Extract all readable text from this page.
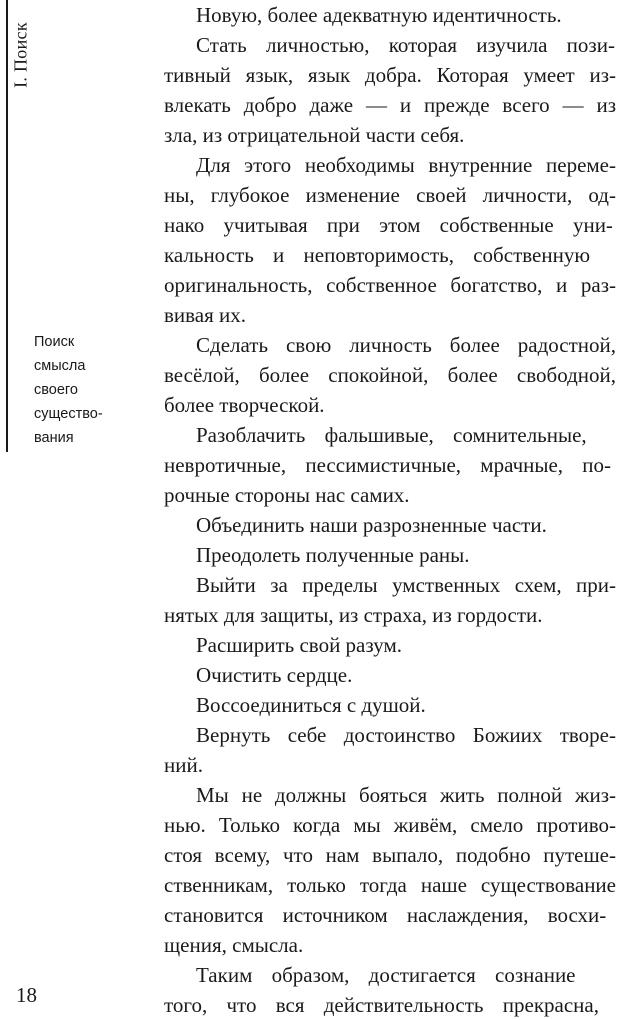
I. Поиск
Поиск
смысла
своего
существо-
вания
Новую, более адекватную идентичность.
Стать личностью, которая изучила пози-
тивный язык, язык добра. Которая умеет из-
влекать добро даже — и прежде всего — из
зла, из отрицательной части себя.
Для этого необходимы внутренние переме-
ны, глубокое изменение своей личности, од-
нако учитывая при этом собственные уни-
кальность и неповторимость, собственную
оригинальность, собственное богатство, и раз-
вивая их.
Сделать свою личность более радостной,
весёлой, более спокойной, более свободной,
более творческой.
Разоблачить фальшивые, сомнительные,
невротичные, пессимистичные, мрачные, по-
рочные стороны нас самих.
Объединить наши разрозненные части.
Преодолеть полученные раны.
Выйти за пределы умственных схем, при-
нятых для защиты, из страха, из гордости.
Расширить свой разум.
Очистить сердце.
Воссоединиться с душой.
Вернуть себе достоинство Божиих творе-
ний.
Мы не должны бояться жить полной жиз-
нью. Только когда мы живём, смело противо-
стоя всему, что нам выпало, подобно путеше-
ственникам, только тогда наше существование
становится источником наслаждения, восхи-
щения, смысла.
Таким образом, достигается сознание
того, что вся действительность прекрасна,
18
